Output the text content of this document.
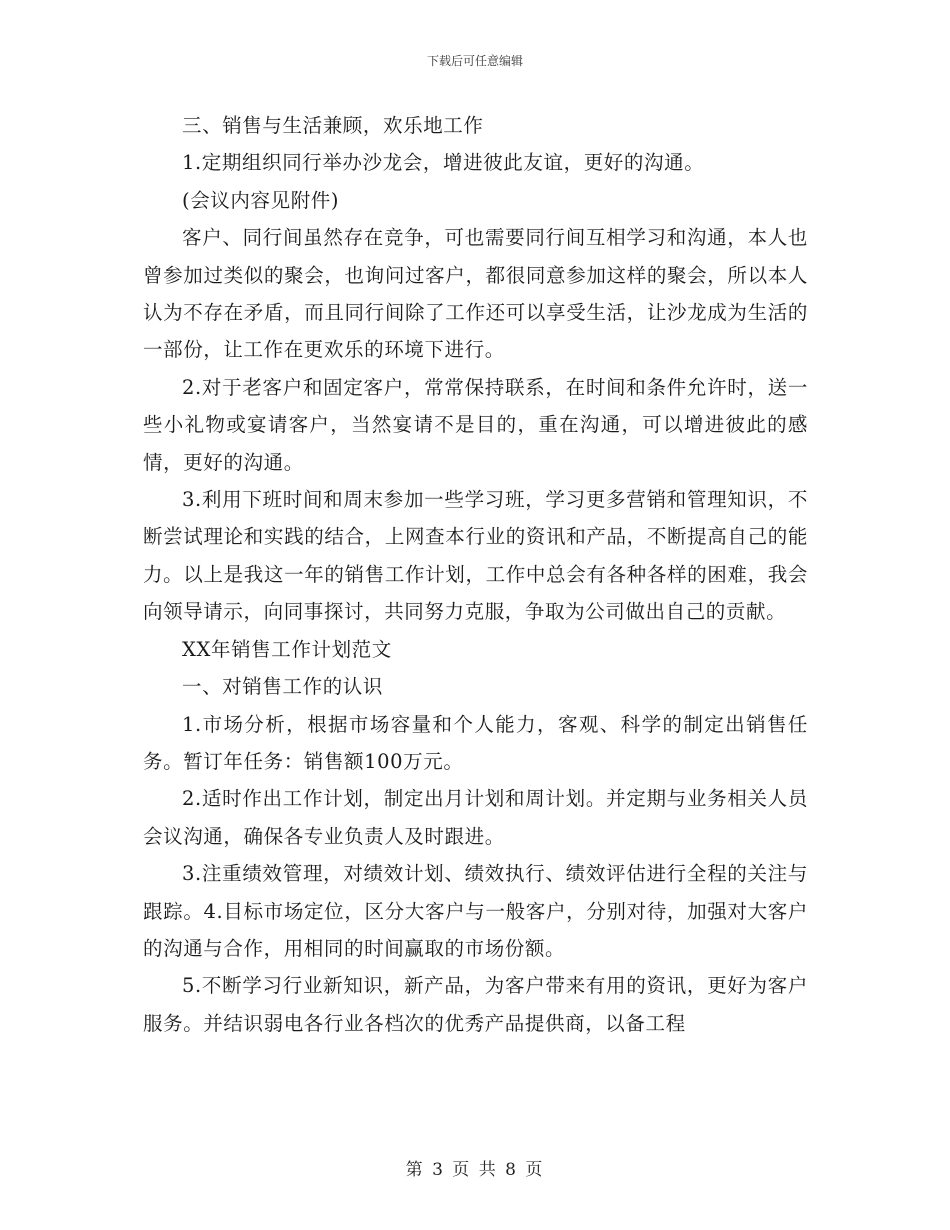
下载后可任意编辑

三、销售与生活兼顾，欢乐地工作

1.定期组织同行举办沙龙会，增进彼此友谊，更好的沟通。

(会议内容见附件)

客户、同行间虽然存在竞争，可也需要同行间互相学习和沟通，本人也曾参加过类似的聚会，也询问过客户，都很同意参加这样的聚会，所以本人认为不存在矛盾，而且同行间除了工作还可以享受生活，让沙龙成为生活的一部份，让工作在更欢乐的环境下进行。

2.对于老客户和固定客户，常常保持联系，在时间和条件允许时，送一些小礼物或宴请客户，当然宴请不是目的，重在沟通，可以增进彼此的感情，更好的沟通。

3.利用下班时间和周末参加一些学习班，学习更多营销和管理知识，不断尝试理论和实践的结合，上网查本行业的资讯和产品，不断提高自己的能力。以上是我这一年的销售工作计划，工作中总会有各种各样的困难，我会向领导请示，向同事探讨，共同努力克服，争取为公司做出自己的贡献。

XX年销售工作计划范文

一、对销售工作的认识

1.市场分析，根据市场容量和个人能力，客观、科学的制定出销售任务。暂订年任务：销售额100万元。

2.适时作出工作计划，制定出月计划和周计划。并定期与业务相关人员会议沟通，确保各专业负责人及时跟进。

3.注重绩效管理，对绩效计划、绩效执行、绩效评估进行全程的关注与跟踪。4.目标市场定位，区分大客户与一般客户，分别对待，加强对大客户的沟通与合作，用相同的时间赢取的市场份额。

5.不断学习行业新知识，新产品，为客户带来有用的资讯，更好为客户服务。并结识弱电各行业各档次的优秀产品提供商，以备工程

第 3 页 共 8 页
